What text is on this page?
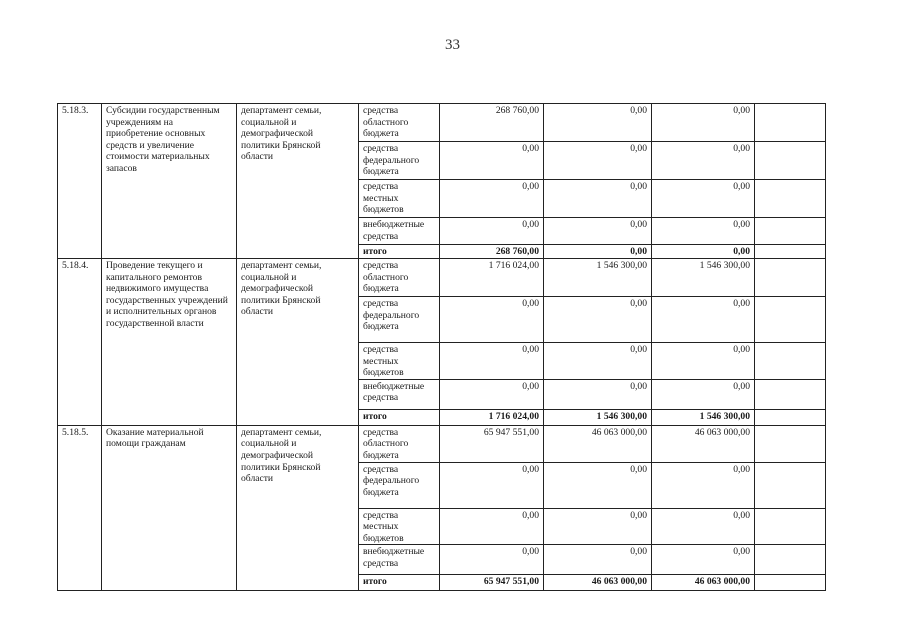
33
5.18.3.	Субсидии государственным учреждениям на приобретение основных средств и увеличение стоимости материальных запасов	департамент семьи, социальной и демографической политики Брянской области	средства областного бюджета	268 760,00	0,00	0,00	
			средства федерального бюджета	0,00	0,00	0,00	
			средства местных бюджетов	0,00	0,00	0,00	
			внебюджетные средства	0,00	0,00	0,00	
			итого	268 760,00	0,00	0,00	
5.18.4.	Проведение текущего и капитального ремонтов недвижимого имущества государственных учреждений и исполнительных органов государственной власти	департамент семьи, социальной и демографической политики Брянской области	средства областного бюджета	1 716 024,00	1 546 300,00	1 546 300,00	
			средства федерального бюджета	0,00	0,00	0,00	
			средства местных бюджетов	0,00	0,00	0,00	
			внебюджетные средства	0,00	0,00	0,00	
			итого	1 716 024,00	1 546 300,00	1 546 300,00	
5.18.5.	Оказание материальной помощи гражданам	департамент семьи, социальной и демографической политики Брянской области	средства областного бюджета	65 947 551,00	46 063 000,00	46 063 000,00	
			средства федерального бюджета	0,00	0,00	0,00	
			средства местных бюджетов	0,00	0,00	0,00	
			внебюджетные средства	0,00	0,00	0,00	
			итого	65 947 551,00	46 063 000,00	46 063 000,00	
